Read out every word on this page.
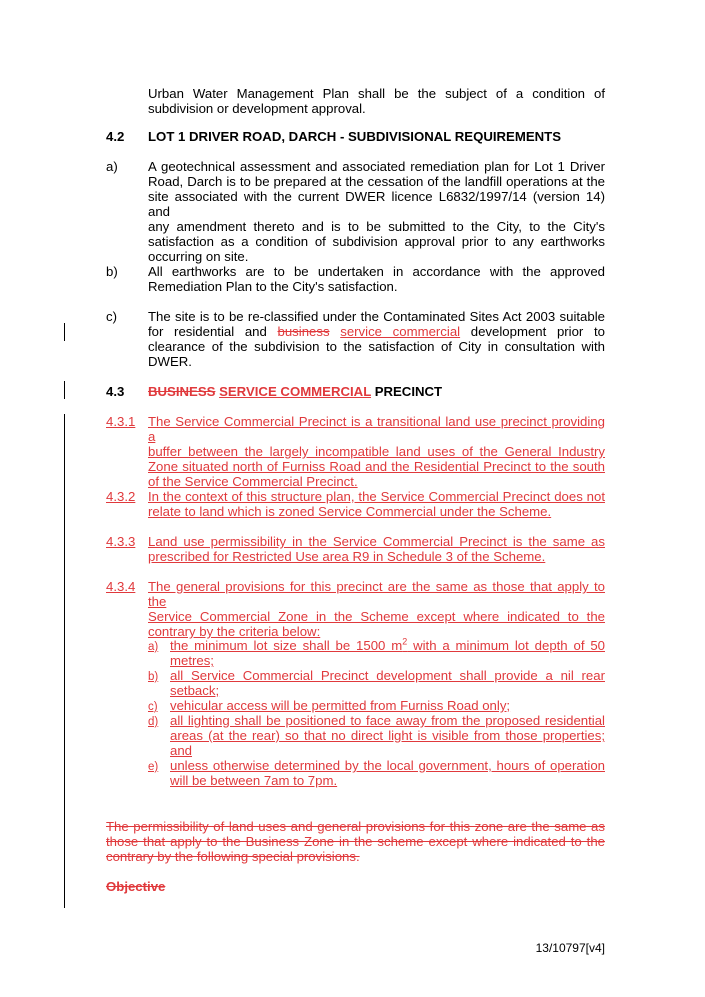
Urban Water Management Plan shall be the subject of a condition of
subdivision or development approval.
4.2 LOT 1 DRIVER ROAD, DARCH - SUBDIVISIONAL REQUIREMENTS
a) A geotechnical assessment and associated remediation plan for Lot 1 Driver
Road, Darch is to be prepared at the cessation of the landfill operations at the
site associated with the current DWER licence L6832/1997/14 (version 14) and
any amendment thereto and is to be submitted to the City, to the City's
satisfaction as a condition of subdivision approval prior to any earthworks
occurring on site.
b) All earthworks are to be undertaken in accordance with the approved
Remediation Plan to the City's satisfaction.
c) The site is to be re-classified under the Contaminated Sites Act 2003 suitable
for residential and business service commercial development prior to
clearance of the subdivision to the satisfaction of City in consultation with
DWER.
4.3 BUSINESS SERVICE COMMERCIAL PRECINCT
4.3.1 The Service Commercial Precinct is a transitional land use precinct providing a
buffer between the largely incompatible land uses of the General Industry
Zone situated north of Furniss Road and the Residential Precinct to the south
of the Service Commercial Precinct.
4.3.2 In the context of this structure plan, the Service Commercial Precinct does not
relate to land which is zoned Service Commercial under the Scheme.
4.3.3 Land use permissibility in the Service Commercial Precinct is the same as
prescribed for Restricted Use area R9 in Schedule 3 of the Scheme.
4.3.4 The general provisions for this precinct are the same as those that apply to the
Service Commercial Zone in the Scheme except where indicated to the
contrary by the criteria below:
a) the minimum lot size shall be 1500 $m^2$ with a minimum lot depth of 50
metres;
b) all Service Commercial Precinct development shall provide a nil rear
setback;
c) vehicular access will be permitted from Furniss Road only;
d) all lighting shall be positioned to face away from the proposed residential
areas (at the rear) so that no direct light is visible from those properties;
and
e) unless otherwise determined by the local government, hours of operation
will be between 7am to 7pm.
The permissibility of land uses and general provisions for this zone are the same as
those that apply to the Business Zone in the scheme except where indicated to the
contrary by the following special provisions.
Objective
13/10797[v4]
